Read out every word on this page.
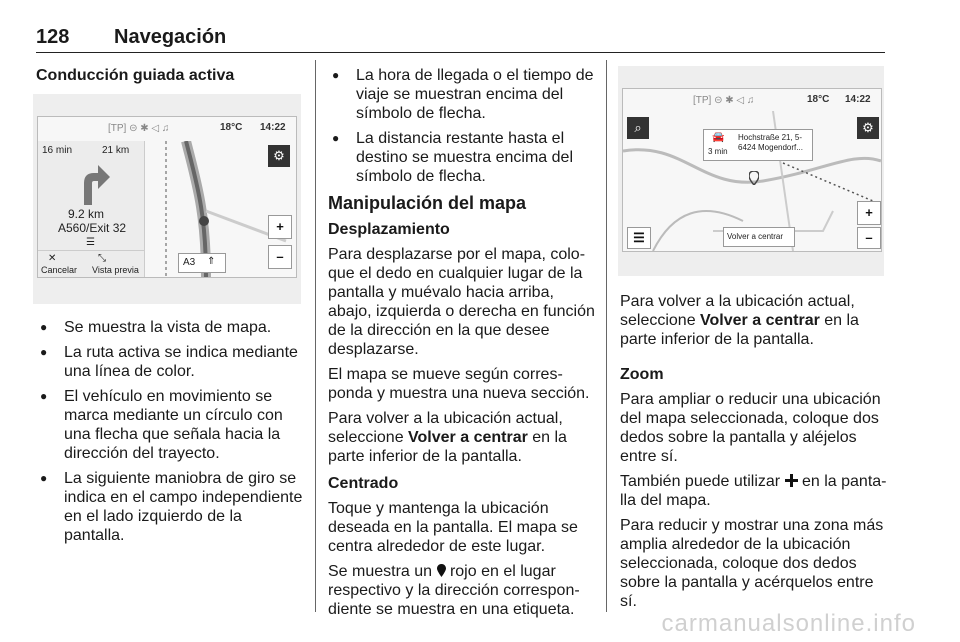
128 Navegación

Conducción guiada activa

[TP] ⊝ ✱ ◁ ♫	18°C 14:22
16 min	21 km
9.2 km
A560/Exit 32
☰
✕
Cancelar
⤡
Vista previa
⚙
+
–
A3 ⇑
● Se muestra la vista de mapa.
● La ruta activa se indica mediante una línea de color.
● El vehículo en movimiento se marca mediante un círculo con una flecha que señala hacia la dirección del trayecto.
● La siguiente maniobra de giro se indica en el campo independiente en el lado izquierdo de la pantalla.
● La hora de llegada o el tiempo de viaje se muestran encima del símbolo de flecha.
● La distancia restante hasta el destino se muestra encima del símbolo de flecha.

Manipulación del mapa

Desplazamiento

Para desplazarse por el mapa, coloque el dedo en cualquier lugar de la pantalla y muévalo hacia arriba, abajo, izquierda o derecha en función de la dirección en la que desee desplazarse.

El mapa se mueve según corresponda y muestra una nueva sección.

Para volver a la ubicación actual, seleccione Volver a centrar en la parte inferior de la pantalla.

Centrado

Toque y mantenga la ubicación deseada en la pantalla. El mapa se centra alrededor de este lugar.

Se muestra un  rojo en el lugar respectivo y la dirección correspondiente se muestra en una etiqueta.

[TP] ⊝ ✱ ◁ ♫	18°C 14:22
⌕	⚙
🚘
3 min
Hochstraße 21, 5-6424 Mogendorf...
+
–
☰	Volver a centrar

Para volver a la ubicación actual, seleccione Volver a centrar en la parte inferior de la pantalla.

Zoom

Para ampliar o reducir una ubicación del mapa seleccionada, coloque dos dedos sobre la pantalla y aléjelos entre sí.

También puede utilizar  en la pantalla del mapa.

Para reducir y mostrar una zona más amplia alrededor de la ubicación seleccionada, coloque dos dedos sobre la pantalla y acérquelos entre sí.

carmanualsonline.info
